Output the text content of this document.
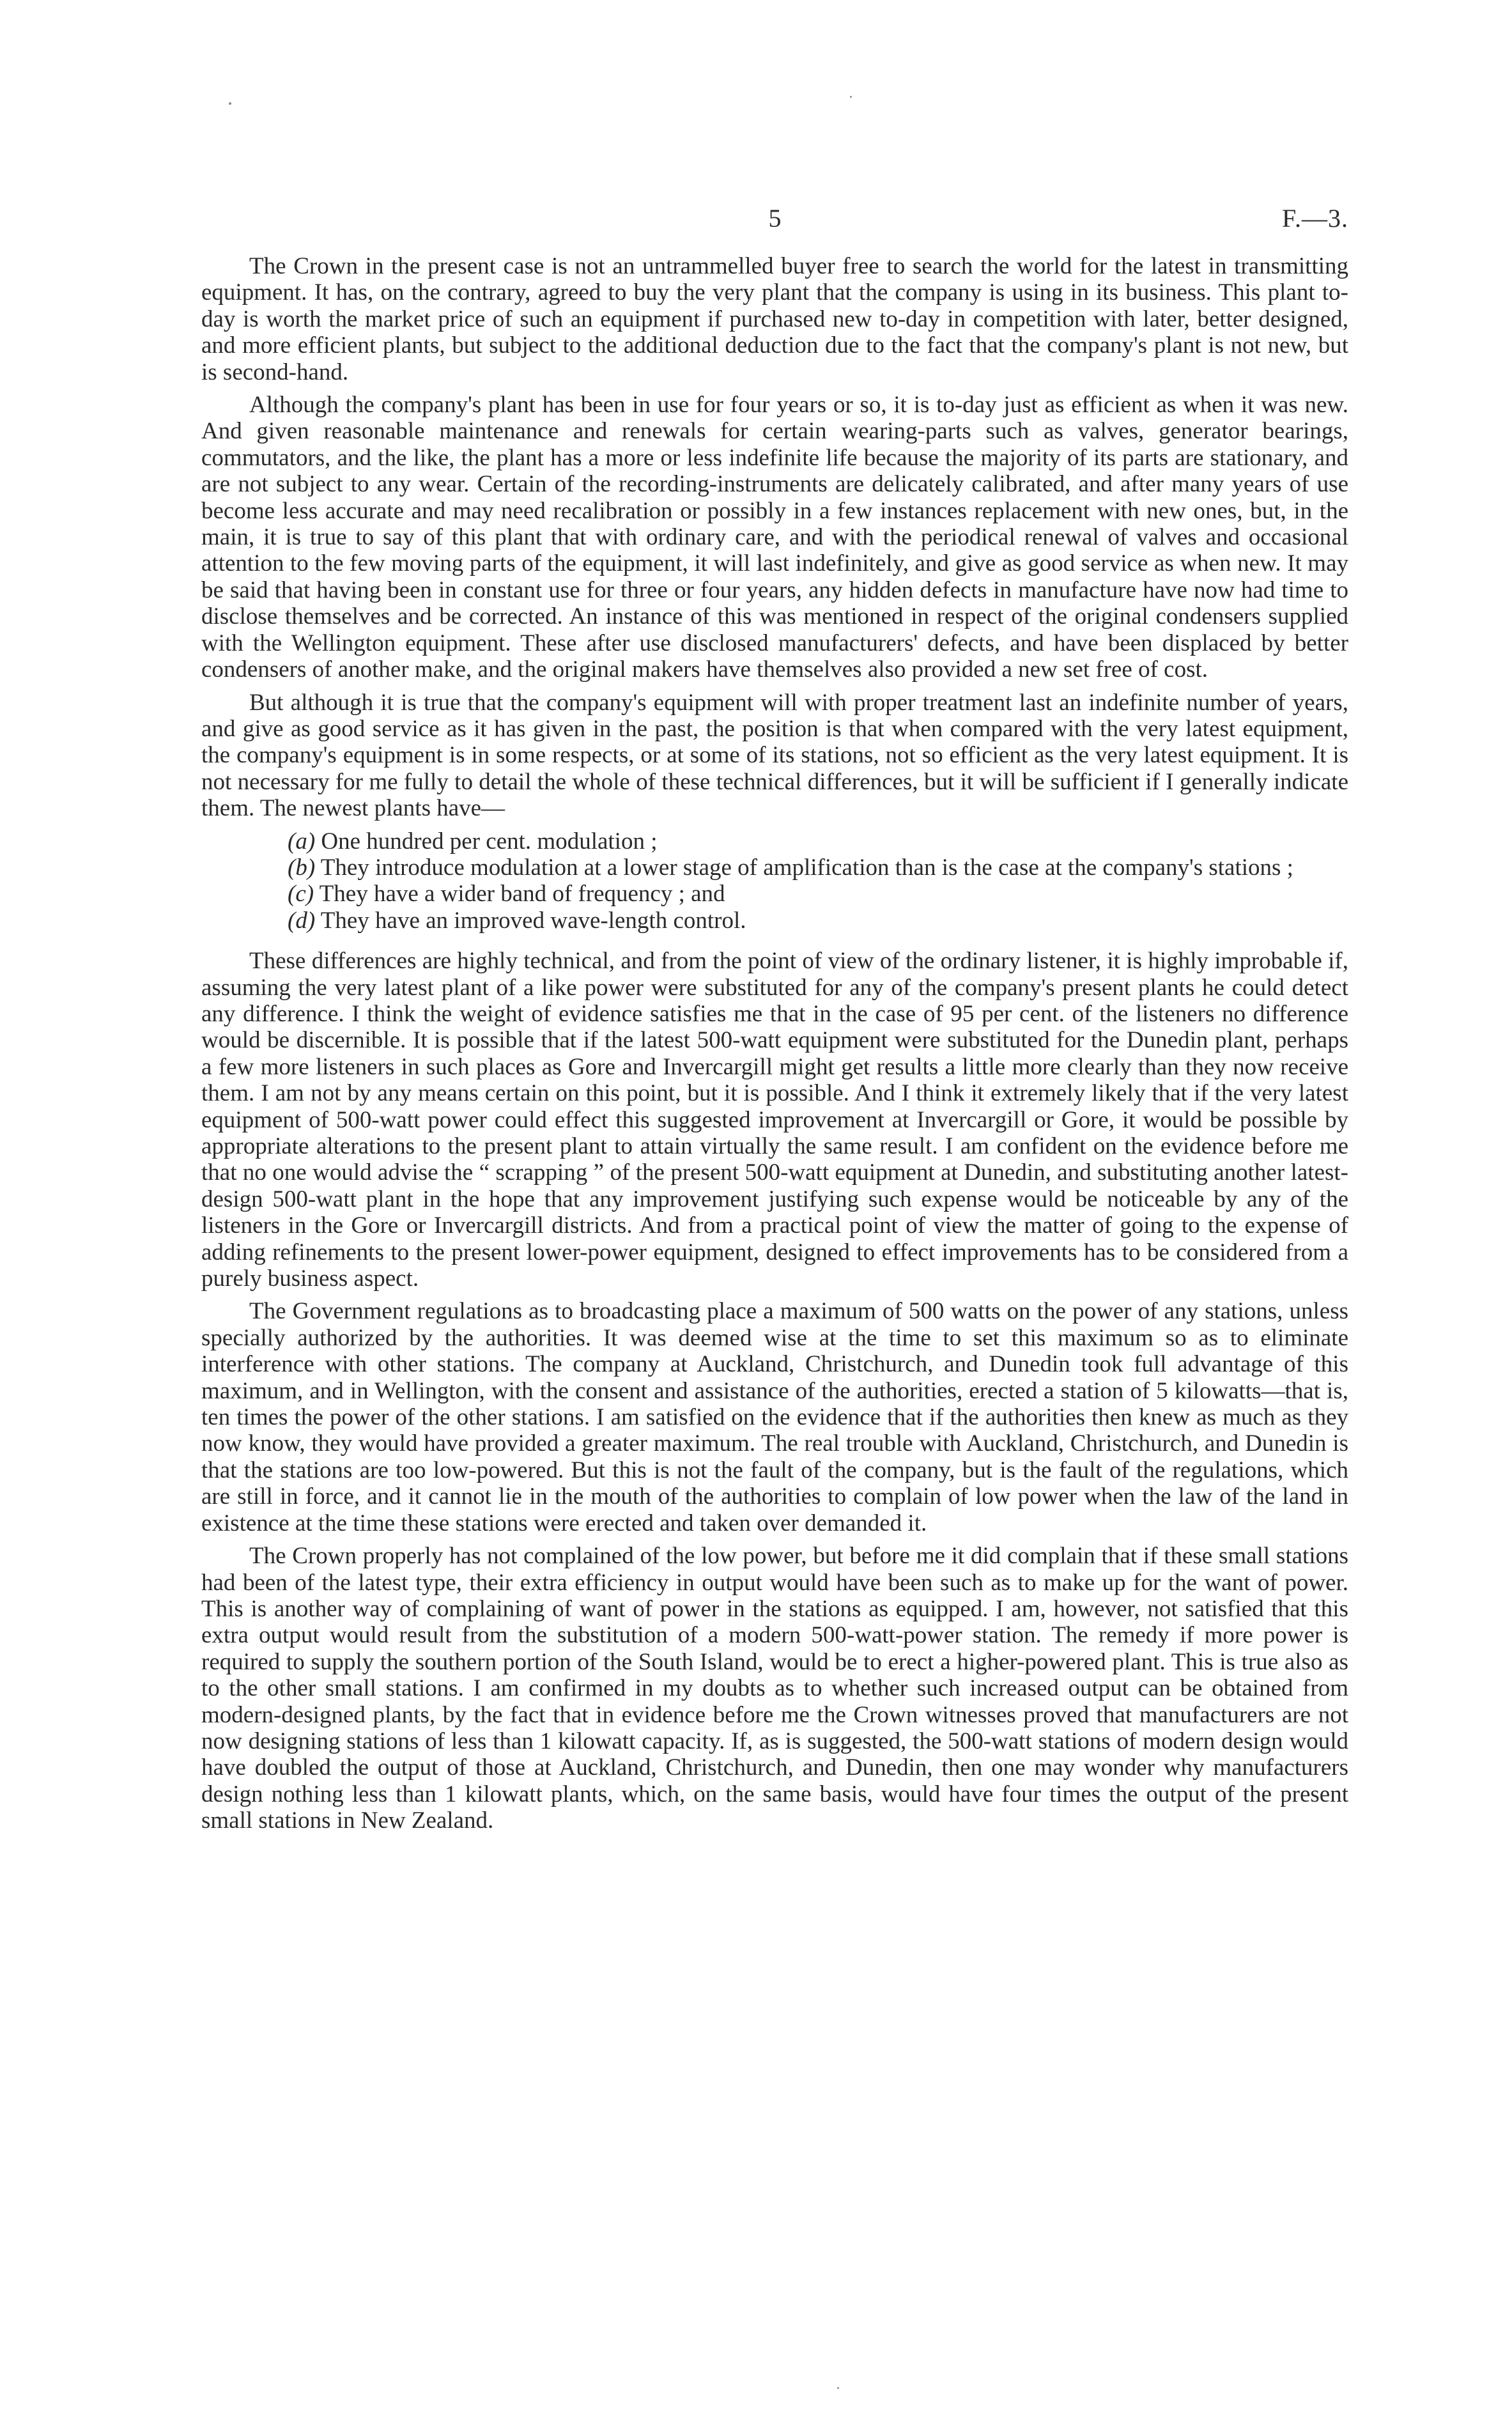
5	F.—3.

The Crown in the present case is not an untrammelled buyer free to search the world for the latest in transmitting equipment. It has, on the contrary, agreed to buy the very plant that the company is using in its business. This plant to-day is worth the market price of such an equipment if purchased new to-day in competition with later, better designed, and more efficient plants, but subject to the additional deduction due to the fact that the company's plant is not new, but is second-hand.

Although the company's plant has been in use for four years or so, it is to-day just as efficient as when it was new. And given reasonable maintenance and renewals for certain wearing-parts such as valves, generator bearings, commutators, and the like, the plant has a more or less indefinite life because the majority of its parts are stationary, and are not subject to any wear. Certain of the recording-instruments are delicately calibrated, and after many years of use become less accurate and may need recalibration or possibly in a few instances replacement with new ones, but, in the main, it is true to say of this plant that with ordinary care, and with the periodical renewal of valves and occasional attention to the few moving parts of the equipment, it will last indefinitely, and give as good service as when new. It may be said that having been in constant use for three or four years, any hidden defects in manufacture have now had time to disclose themselves and be corrected. An instance of this was mentioned in respect of the original condensers supplied with the Wellington equipment. These after use disclosed manufacturers' defects, and have been displaced by better condensers of another make, and the original makers have themselves also provided a new set free of cost.

But although it is true that the company's equipment will with proper treatment last an indefinite number of years, and give as good service as it has given in the past, the position is that when compared with the very latest equipment, the company's equipment is in some respects, or at some of its stations, not so efficient as the very latest equipment. It is not necessary for me fully to detail the whole of these technical differences, but it will be sufficient if I generally indicate them. The newest plants have—

(a) One hundred per cent. modulation ;
(b) They introduce modulation at a lower stage of amplification than is the case at the company's stations ;
(c) They have a wider band of frequency ; and
(d) They have an improved wave-length control.

These differences are highly technical, and from the point of view of the ordinary listener, it is highly improbable if, assuming the very latest plant of a like power were substituted for any of the company's present plants he could detect any difference. I think the weight of evidence satisfies me that in the case of 95 per cent. of the listeners no difference would be discernible. It is possible that if the latest 500-watt equipment were substituted for the Dunedin plant, perhaps a few more listeners in such places as Gore and Invercargill might get results a little more clearly than they now receive them. I am not by any means certain on this point, but it is possible. And I think it extremely likely that if the very latest equipment of 500-watt power could effect this suggested improvement at Invercargill or Gore, it would be possible by appropriate alterations to the present plant to attain virtually the same result. I am confident on the evidence before me that no one would advise the “ scrapping ” of the present 500-watt equipment at Dunedin, and substituting another latest-design 500-watt plant in the hope that any improvement justifying such expense would be noticeable by any of the listeners in the Gore or Invercargill districts. And from a practical point of view the matter of going to the expense of adding refinements to the present lower-power equipment, designed to effect improvements has to be considered from a purely business aspect.

The Government regulations as to broadcasting place a maximum of 500 watts on the power of any stations, unless specially authorized by the authorities. It was deemed wise at the time to set this maximum so as to eliminate interference with other stations. The company at Auckland, Christchurch, and Dunedin took full advantage of this maximum, and in Wellington, with the consent and assistance of the authorities, erected a station of 5 kilowatts—that is, ten times the power of the other stations. I am satisfied on the evidence that if the authorities then knew as much as they now know, they would have provided a greater maximum. The real trouble with Auckland, Christchurch, and Dunedin is that the stations are too low-powered. But this is not the fault of the company, but is the fault of the regulations, which are still in force, and it cannot lie in the mouth of the authorities to complain of low power when the law of the land in existence at the time these stations were erected and taken over demanded it.

The Crown properly has not complained of the low power, but before me it did complain that if these small stations had been of the latest type, their extra efficiency in output would have been such as to make up for the want of power. This is another way of complaining of want of power in the stations as equipped. I am, however, not satisfied that this extra output would result from the substitution of a modern 500-watt-power station. The remedy if more power is required to supply the southern portion of the South Island, would be to erect a higher-powered plant. This is true also as to the other small stations. I am confirmed in my doubts as to whether such increased output can be obtained from modern-designed plants, by the fact that in evidence before me the Crown witnesses proved that manufacturers are not now designing stations of less than 1 kilowatt capacity. If, as is suggested, the 500-watt stations of modern design would have doubled the output of those at Auckland, Christchurch, and Dunedin, then one may wonder why manufacturers design nothing less than 1 kilowatt plants, which, on the same basis, would have four times the output of the present small stations in New Zealand.
